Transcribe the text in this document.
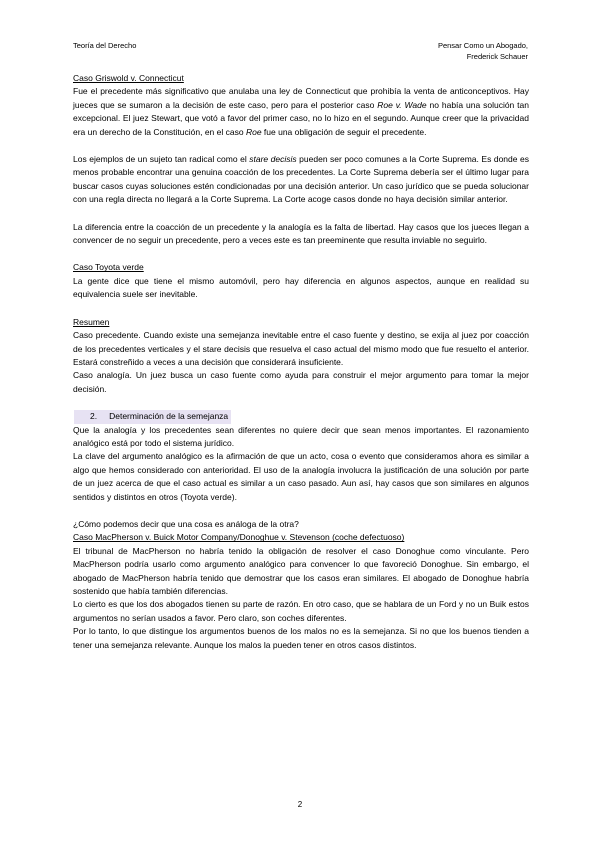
Teoría del Derecho	Pensar Como un Abogado,
Frederick Schauer

Caso Griswold v. Connecticut

Fue el precedente más significativo que anulaba una ley de Connecticut que prohibía la venta de anticonceptivos. Hay jueces que se sumaron a la decisión de este caso, pero para el posterior caso Roe v. Wade no había una solución tan excepcional. El juez Stewart, que votó a favor del primer caso, no lo hizo en el segundo. Aunque creer que la privacidad era un derecho de la Constitución, en el caso Roe fue una obligación de seguir el precedente.

Los ejemplos de un sujeto tan radical como el stare decisis pueden ser poco comunes a la Corte Suprema. Es donde es menos probable encontrar una genuina coacción de los precedentes. La Corte Suprema debería ser el último lugar para buscar casos cuyas soluciones estén condicionadas por una decisión anterior. Un caso jurídico que se pueda solucionar con una regla directa no llegará a la Corte Suprema. La Corte acoge casos donde no haya decisión similar anterior.

La diferencia entre la coacción de un precedente y la analogía es la falta de libertad. Hay casos que los jueces llegan a convencer de no seguir un precedente, pero a veces este es tan preeminente que resulta inviable no seguirlo.

Caso Toyota verde

La gente dice que tiene el mismo automóvil, pero hay diferencia en algunos aspectos, aunque en realidad su equivalencia suele ser inevitable.

Resumen

Caso precedente. Cuando existe una semejanza inevitable entre el caso fuente y destino, se exija al juez por coacción de los precedentes verticales y el stare decisis que resuelva el caso actual del mismo modo que fue resuelto el anterior. Estará constreñido a veces a una decisión que considerará insuficiente.

Caso analogía. Un juez busca un caso fuente como ayuda para construir el mejor argumento para tomar la mejor decisión.

2. Determinación de la semejanza

Que la analogía y los precedentes sean diferentes no quiere decir que sean menos importantes. El razonamiento analógico está por todo el sistema jurídico.

La clave del argumento analógico es la afirmación de que un acto, cosa o evento que consideramos ahora es similar a algo que hemos considerado con anterioridad. El uso de la analogía involucra la justificación de una solución por parte de un juez acerca de que el caso actual es similar a un caso pasado. Aun así, hay casos que son similares en algunos sentidos y distintos en otros (Toyota verde).

¿Cómo podemos decir que una cosa es análoga de la otra?

Caso MacPherson v. Buick Motor Company/Donoghue v. Stevenson (coche defectuoso)

El tribunal de MacPherson no habría tenido la obligación de resolver el caso Donoghue como vinculante. Pero MacPherson podría usarlo como argumento analógico para convencer lo que favoreció Donoghue. Sin embargo, el abogado de MacPherson habría tenido que demostrar que los casos eran similares. El abogado de Donoghue habría sostenido que había también diferencias.

Lo cierto es que los dos abogados tienen su parte de razón. En otro caso, que se hablara de un Ford y no un Buik estos argumentos no serían usados a favor. Pero claro, son coches diferentes.

Por lo tanto, lo que distingue los argumentos buenos de los malos no es la semejanza. Si no que los buenos tienden a tener una semejanza relevante. Aunque los malos la pueden tener en otros casos distintos.

2
